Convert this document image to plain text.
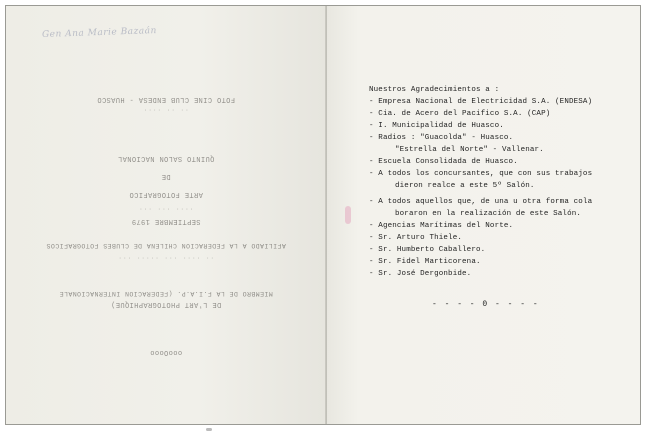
Gen Ana Marie Bazaán
FOTO CINE CLUB ENDESA - HUASCO
·· ·· ····
QUINTO SALON NACIONAL
DE
ARTE FOTOGRAFICO
···· ··· ···
SEPTIEMBRE 1979
AFILIADO A LA FEDERACION CHILENA DE CLUBES FOTOGRAFICOS
·· ···· ··· ····· ···
MIEMBRO DE LA F.I.A.P. (FEDERACION INTERNACIONALE
DE L'ART PHOTOGRAPHIQUE)
oooOooo
Nuestros Agradecimientos a :
- Empresa Nacional de Electricidad S.A. (ENDESA)
- Cia. de Acero del Pacifico S.A. (CAP)
- I. Municipalidad de Huasco.
- Radios : "Guacolda" - Huasco.
"Estrella del Norte" - Vallenar.
- Escuela Consolidada de Huasco.
- A todos los concursantes, que con sus trabajos
dieron realce a este 5º Salón.
- A todos aquellos que, de una u otra forma cola
boraron en la realización de este Salón.
- Agencias Marítimas del Norte.
- Sr. Arturo Thiele.
- Sr. Humberto Caballero.
- Sr. Fidel Marticorena.
- Sr. José Dergonbide.
- - - - 0 - - - -
